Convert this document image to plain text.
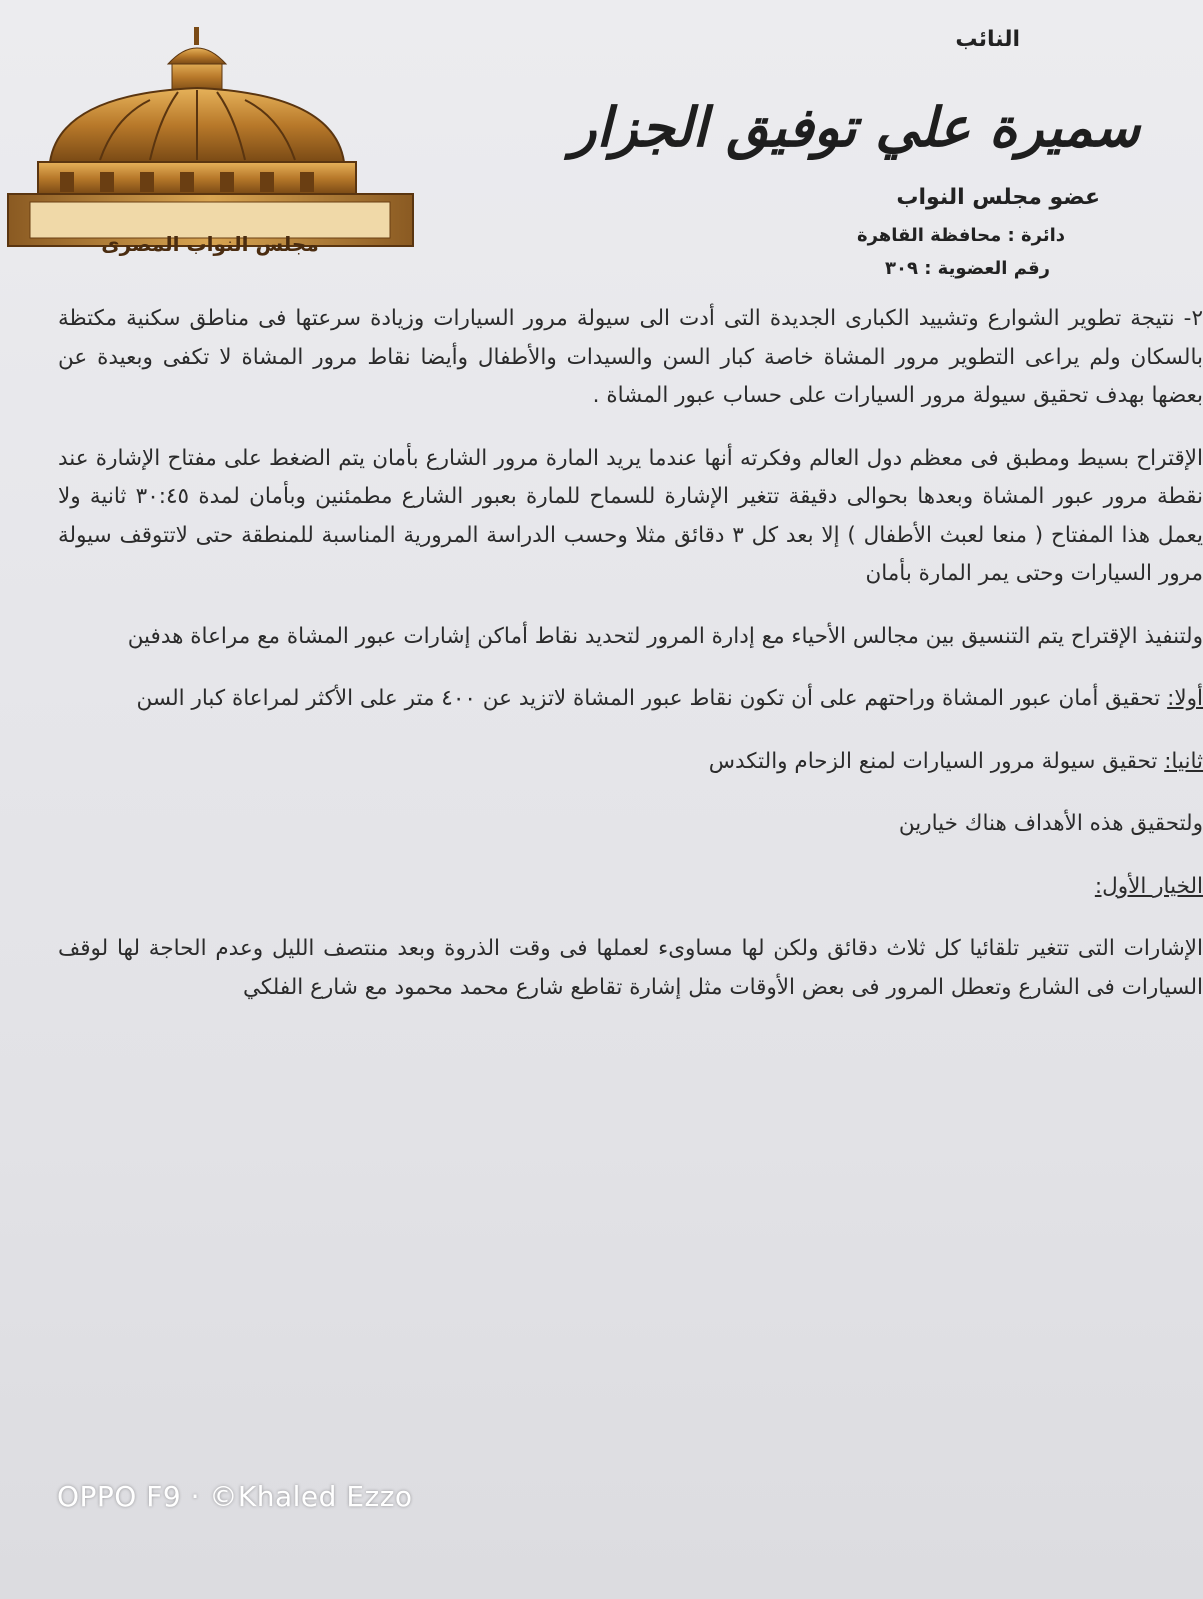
مجلس النواب المصرى
النائب
سميرة علي توفيق الجزار
عضو مجلس النواب
دائرة : محافظة القاهرة
رقم العضوية : ٣٠٩

٢- نتيجة تطوير الشوارع وتشييد الكبارى الجديدة التى أدت الى سيولة مرور السيارات وزيادة سرعتها فى مناطق سكنية مكتظة بالسكان ولم يراعى التطوير مرور المشاة خاصة كبار السن والسيدات والأطفال وأيضا نقاط مرور المشاة لا تكفى وبعيدة عن بعضها بهدف تحقيق سيولة مرور السيارات على حساب عبور المشاة .

الإقتراح بسيط ومطبق فى معظم دول العالم وفكرته أنها عندما يريد المارة مرور الشارع بأمان يتم الضغط على مفتاح الإشارة عند نقطة مرور عبور المشاة وبعدها بحوالى دقيقة تتغير الإشارة للسماح للمارة بعبور الشارع مطمئنين وبأمان لمدة ٣٠:٤٥ ثانية ولا يعمل هذا المفتاح ( منعا لعبث الأطفال ) إلا بعد كل ٣ دقائق مثلا وحسب الدراسة المرورية المناسبة للمنطقة حتى لاتتوقف سيولة مرور السيارات وحتى يمر المارة بأمان

ولتنفيذ الإقتراح يتم التنسيق بين مجالس الأحياء مع إدارة المرور لتحديد نقاط أماكن إشارات عبور المشاة مع مراعاة هدفين

أولا: تحقيق أمان عبور المشاة وراحتهم على أن تكون نقاط عبور المشاة لاتزيد عن ٤٠٠ متر على الأكثر لمراعاة كبار السن

ثانيا: تحقيق سيولة مرور السيارات لمنع الزحام والتكدس

ولتحقيق هذه الأهداف هناك خيارين

الخيار الأول:

الإشارات التى تتغير تلقائيا كل ثلاث دقائق ولكن لها مساوىء لعملها فى وقت الذروة وبعد منتصف الليل وعدم الحاجة لها لوقف السيارات فى الشارع وتعطل المرور فى بعض الأوقات مثل إشارة تقاطع شارع محمد محمود مع شارع الفلكي

OPPO F9 · ©Khaled Ezzo
